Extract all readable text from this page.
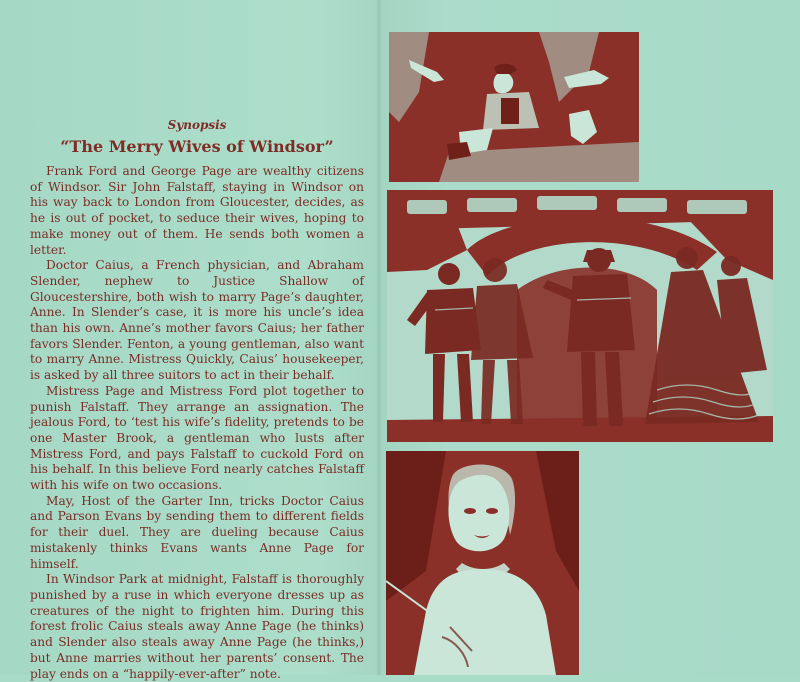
Synopsis
“The Merry Wives of Windsor”

Frank Ford and George Page are wealthy citizens of Windsor. Sir John Falstaff, staying in Windsor on his way back to London from Gloucester, decides, as he is out of pocket, to seduce their wives, hoping to make money out of them. He sends both women a letter.

Doctor Caius, a French physician, and Abraham Slender, nephew to Justice Shallow of Gloucestershire, both wish to marry Page’s daughter, Anne. In Slender’s case, it is more his uncle’s idea than his own. Anne’s mother favors Caius; her father favors Slender. Fenton, a young gentleman, also want to marry Anne. Mistress Quickly, Caius’ housekeeper, is asked by all three suitors to act in their behalf.

Mistress Page and Mistress Ford plot together to punish Falstaff. They arrange an assignation. The jealous Ford, to ‘test his wife’s fidelity, pretends to be one Master Brook, a gentleman who lusts after Mistress Ford, and pays Falstaff to cuckold Ford on his behalf. In this believe Ford nearly catches Falstaff with his wife on two occasions.

May, Host of the Garter Inn, tricks Doctor Caius and Parson Evans by sending them to different fields for their duel. They are dueling because Caius mistakenly thinks Evans wants Anne Page for himself.

In Windsor Park at midnight, Falstaff is thoroughly punished by a ruse in which everyone dresses up as creatures of the night to frighten him. During this forest frolic Caius steals away Anne Page (he thinks) and Slender also steals away Anne Page (he thinks,) but Anne marries without her parents’ consent. The play ends on a “happily-ever-after” note.
